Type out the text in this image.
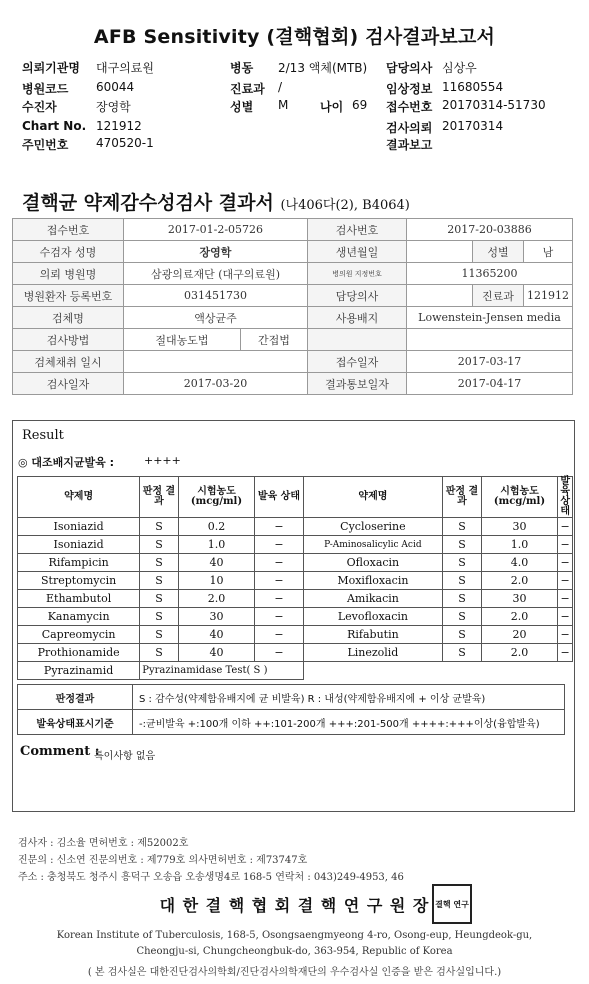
AFB Sensitivity (결핵협회) 검사결과보고서
의뢰기관명 대구의료원	병동 2/13 액체(MTB) 담당의사 심상우
병원코드 60044	진료과 /	임상정보 11680554
수진자	장영학	성별 M	나이 69 접수번호 20170314-51730
Chart No. 121912	검사의뢰 20170314
주민번호 470520-1	결과보고
결핵균 약제감수성검사 결과서 (나406다(2), B4064)
접수번호	2017-01-2-05726		검사번호	2017-20-03886		
수검자 성명	장영학		생년월일		성별	남
의뢰 병원명	삼광의료재단 (대구의료원)		병의원 지정번호	11365200		
병원환자 등록번호	031451730		담당의사		진료과	121912
검체명	액상균주		사용배지	Lowenstein-Jensen media		
검사방법	절대농도법	간접법				
검체채취 일시			접수일자	2017-03-17		
검사일자	2017-03-20		결과통보일자	2017-04-17		
Result
◎ 대조배지균발육 :	++++
약제명	판정 결과	시험농도 (mcg/ml)	발육 상태	약제명	판정 결과	시험농도 (mcg/ml)	발육 상태
Isoniazid	S	0.2	−	Cycloserine	S	30	−
Isoniazid	S	1.0	−	P-Aminosalicylic Acid	S	1.0	−
Rifampicin	S	40	−	Ofloxacin	S	4.0	−
Streptomycin	S	10	−	Moxifloxacin	S	2.0	−
Ethambutol	S	2.0	−	Amikacin	S	30	−
Kanamycin	S	30	−	Levofloxacin	S	2.0	−
Capreomycin	S	40	−	Rifabutin	S	20	−
Prothionamide	S	40	−	Linezolid	S	2.0	−
Pyrazinamid	Pyrazinamidase Test( S )						
판정결과	S : 감수성(약제함유배지에 균 비발육) R : 내성(약제함유배지에 + 이상 균발육)
발육상태표시기준	-:균비발육 +:100개 이하 ++:101-200개 +++:201-500개 ++++:+++이상(융합발육)
Comment :
특이사항 없음
검사자 : 김소율 면허번호 : 제52002호
진문의 : 신소연 진문의번호 : 제779호 의사면허번호 : 제73747호
주소 : 충청북도 청주시 흥덕구 오송읍 오송생명4로 168-5 연락처 : 043)249-4953, 46
대 한 결 핵 협 회 결 핵 연 구 원 장 결핵 연구
Korean Institute of Tuberculosis, 168-5, Osongsaengmyeong 4-ro, Osong-eup, Heungdeok-gu,
Cheongju-si, Chungcheongbuk-do, 363-954, Republic of Korea
( 본 검사실은 대한진단검사의학회/진단검사의학재단의 우수검사실 인증을 받은 검사실입니다.)
